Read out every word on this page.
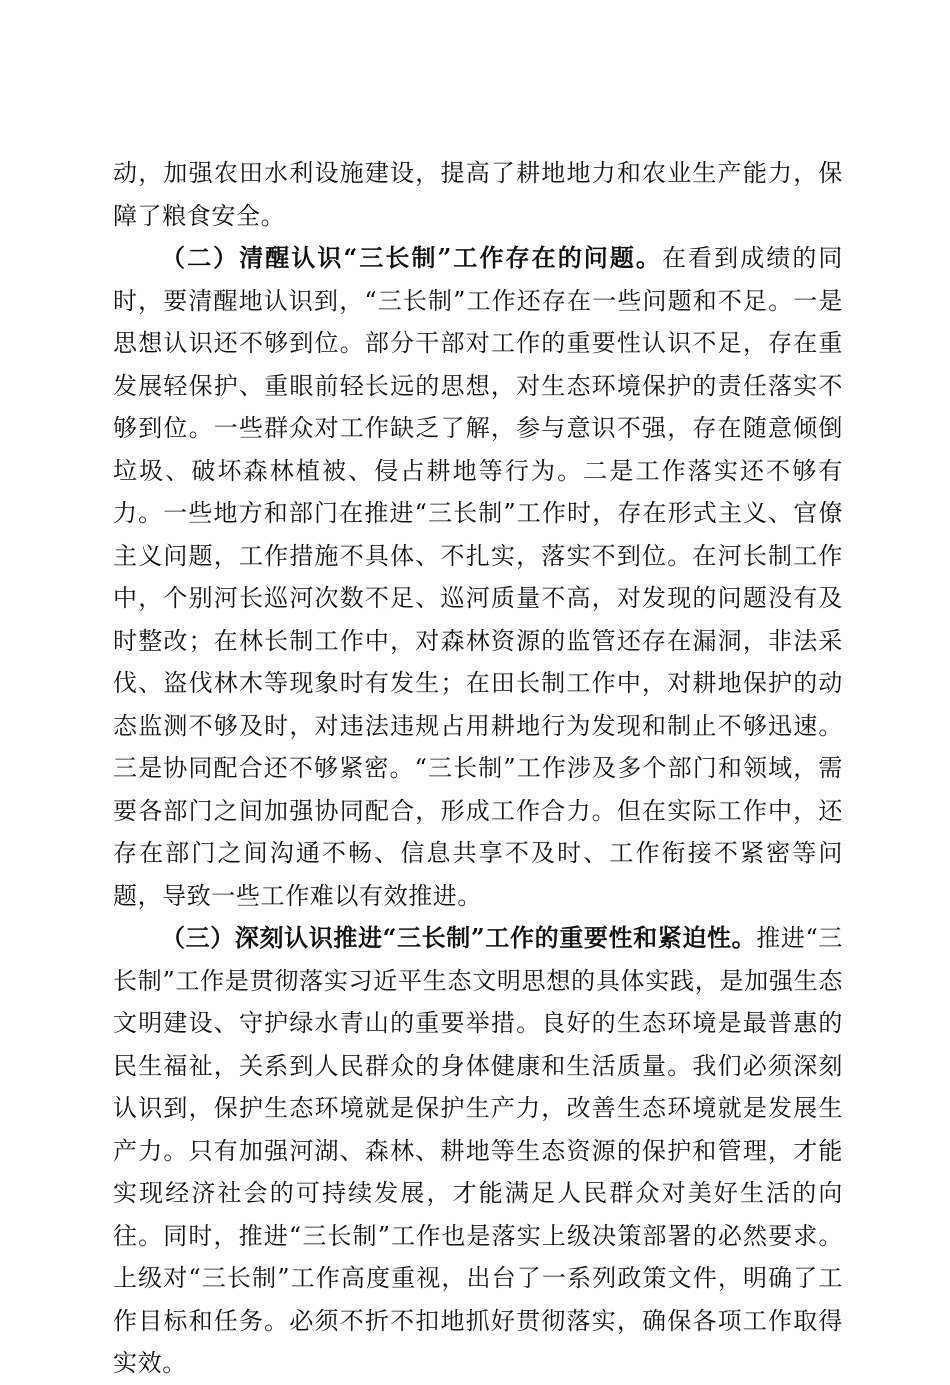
动，加强农田水利设施建设，提高了耕地地力和农业生产能力，保障了粮食安全。

（二）清醒认识“三长制”工作存在的问题。在看到成绩的同时，要清醒地认识到，“三长制”工作还存在一些问题和不足。一是思想认识还不够到位。部分干部对工作的重要性认识不足，存在重发展轻保护、重眼前轻长远的思想，对生态环境保护的责任落实不够到位。一些群众对工作缺乏了解，参与意识不强，存在随意倾倒垃圾、破坏森林植被、侵占耕地等行为。二是工作落实还不够有力。一些地方和部门在推进“三长制”工作时，存在形式主义、官僚主义问题，工作措施不具体、不扎实，落实不到位。在河长制工作中，个别河长巡河次数不足、巡河质量不高，对发现的问题没有及时整改；在林长制工作中，对森林资源的监管还存在漏洞，非法采伐、盗伐林木等现象时有发生；在田长制工作中，对耕地保护的动态监测不够及时，对违法违规占用耕地行为发现和制止不够迅速。三是协同配合还不够紧密。“三长制”工作涉及多个部门和领域，需要各部门之间加强协同配合，形成工作合力。但在实际工作中，还存在部门之间沟通不畅、信息共享不及时、工作衔接不紧密等问题，导致一些工作难以有效推进。

（三）深刻认识推进“三长制”工作的重要性和紧迫性。推进“三长制”工作是贯彻落实习近平生态文明思想的具体实践，是加强生态文明建设、守护绿水青山的重要举措。良好的生态环境是最普惠的民生福祉，关系到人民群众的身体健康和生活质量。我们必须深刻认识到，保护生态环境就是保护生产力，改善生态环境就是发展生产力。只有加强河湖、森林、耕地等生态资源的保护和管理，才能实现经济社会的可持续发展，才能满足人民群众对美好生活的向往。同时，推进“三长制”工作也是落实上级决策部署的必然要求。上级对“三长制”工作高度重视，出台了一系列政策文件，明确了工作目标和任务。必须不折不扣地抓好贯彻落实，确保各项工作取得实效。
